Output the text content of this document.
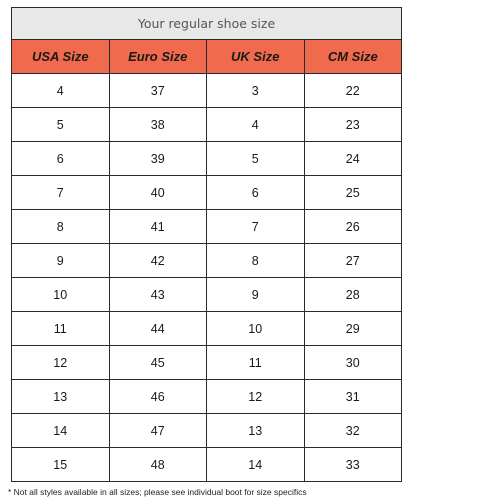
Your regular shoe size			
USA Size	Euro Size	UK Size	CM Size
4	37	3	22
5	38	4	23
6	39	5	24
7	40	6	25
8	41	7	26
9	42	8	27
10	43	9	28
11	44	10	29
12	45	11	30
13	46	12	31
14	47	13	32
15	48	14	33
* Not all styles available in all sizes; please see individual boot for size specifics
